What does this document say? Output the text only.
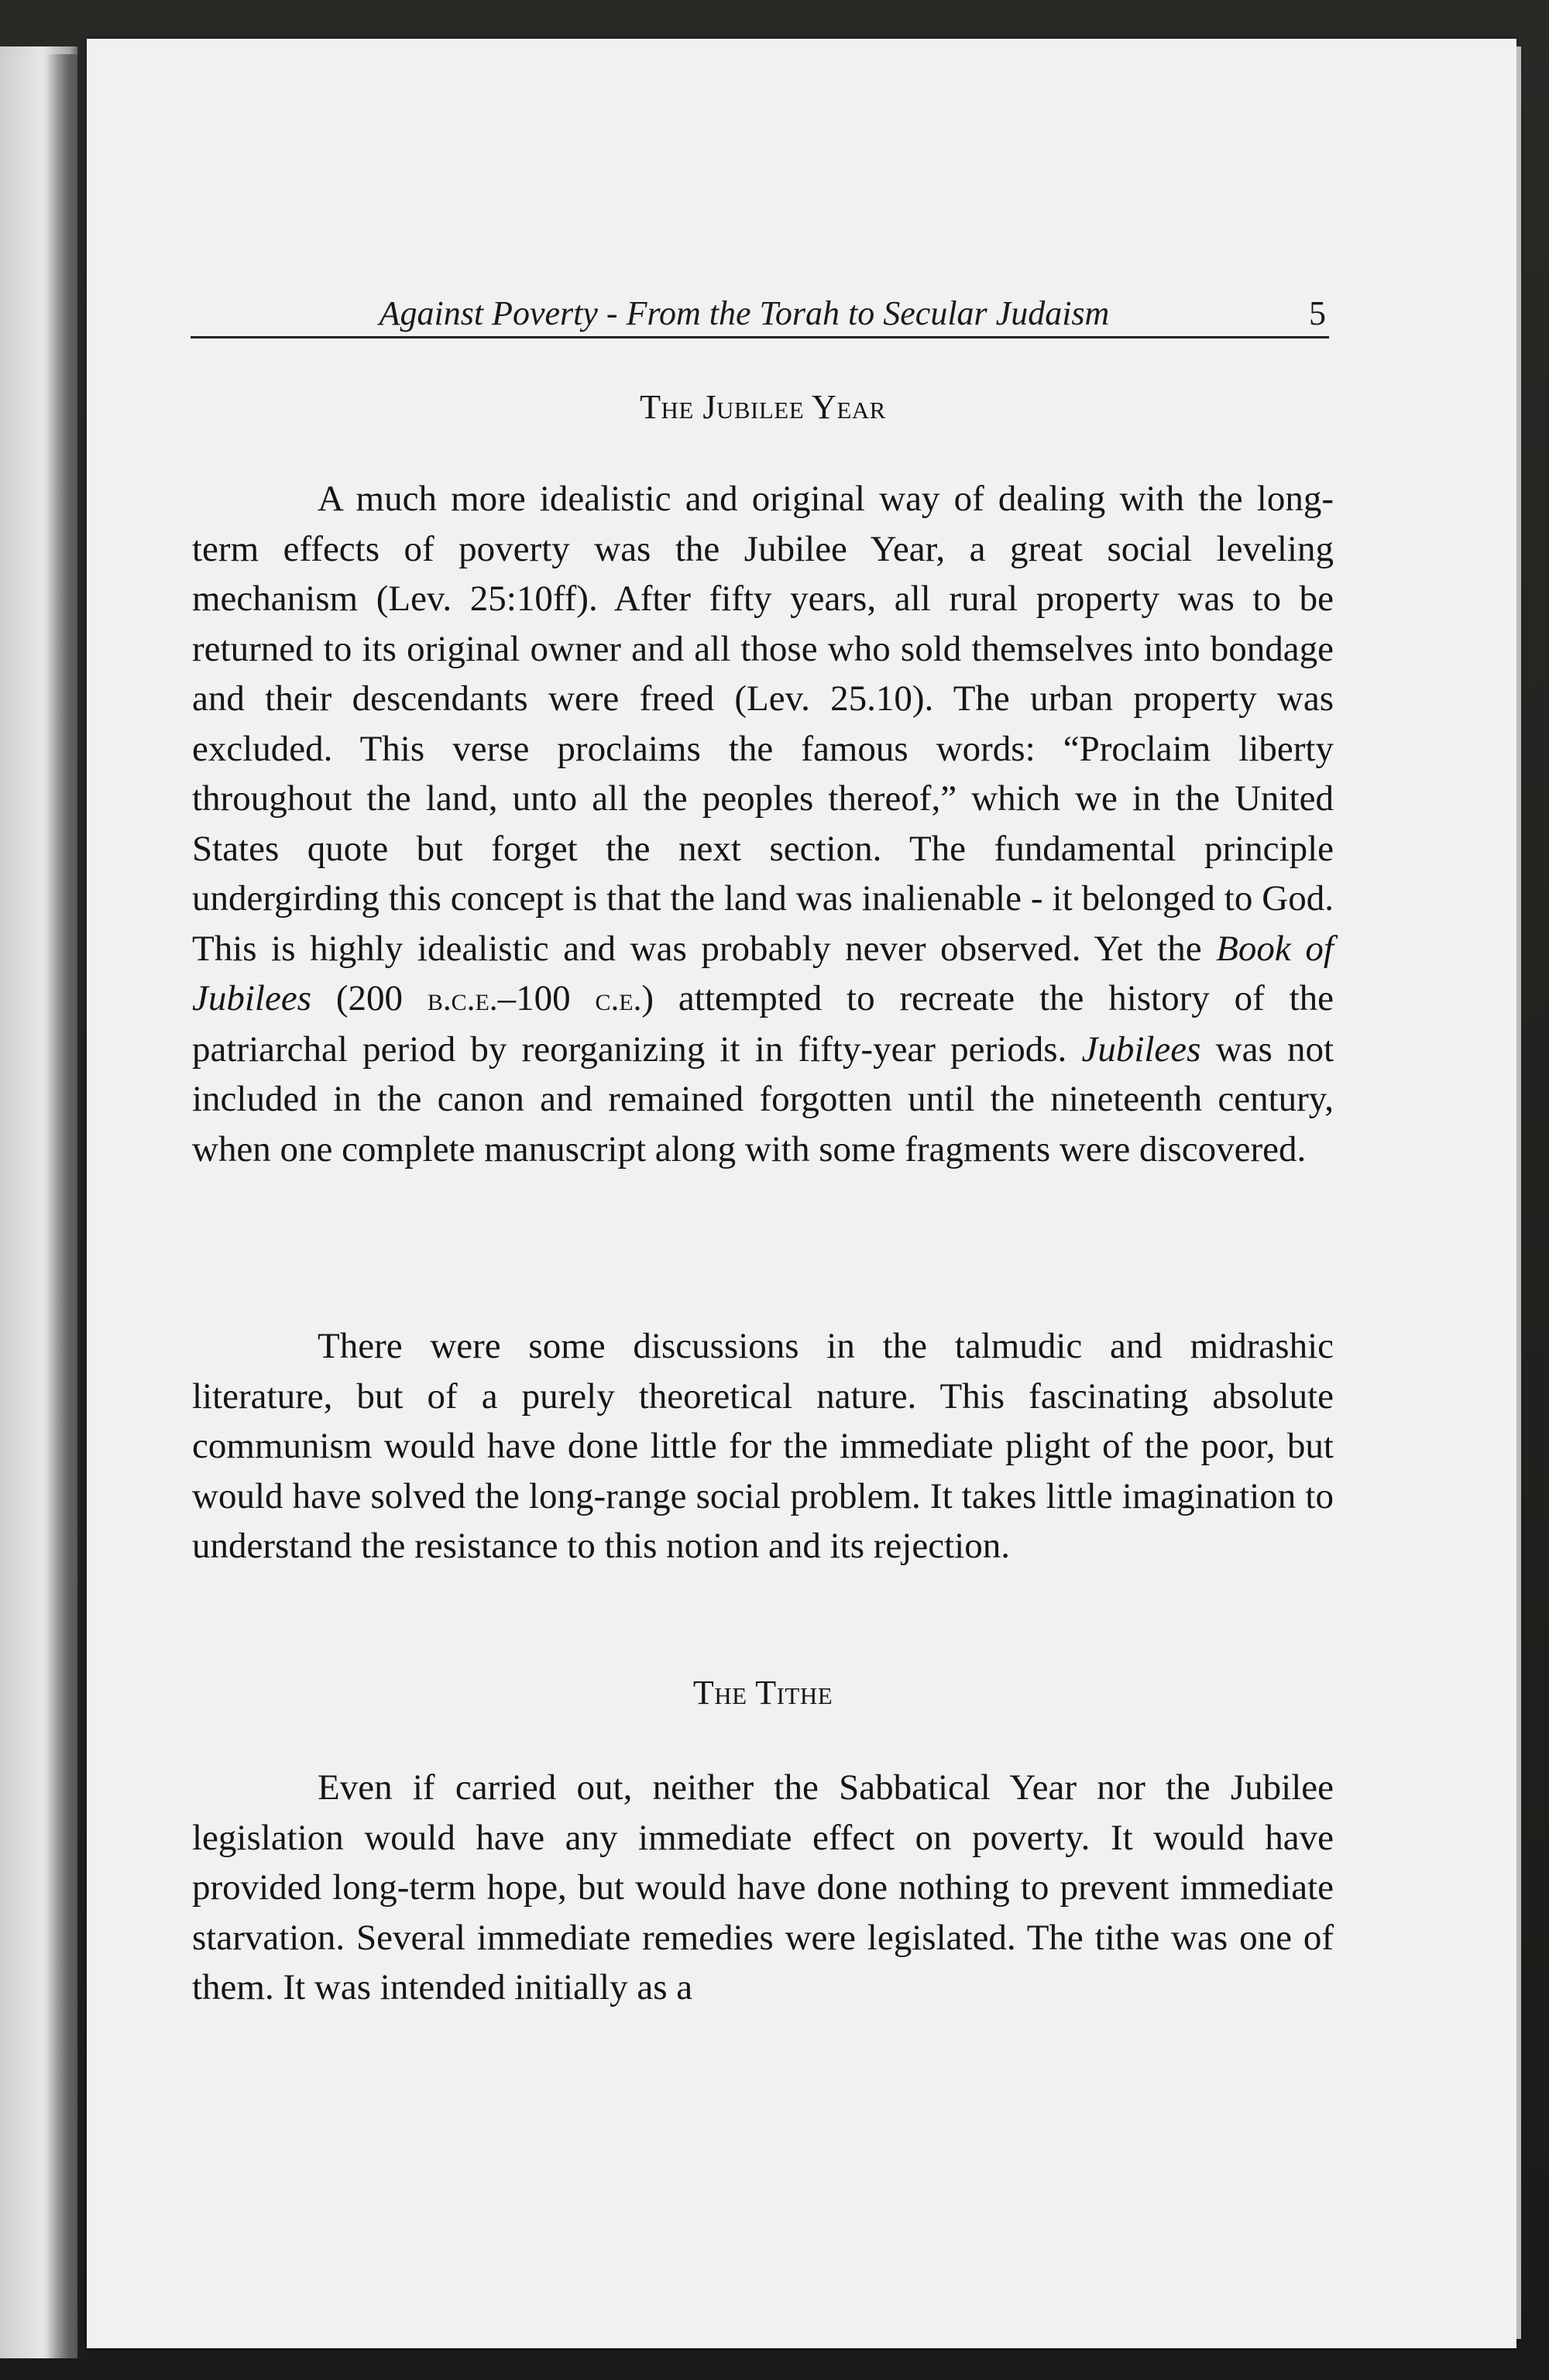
Against Poverty - From the Torah to Secular Judaism	5
The Jubilee Year

A much more idealistic and original way of dealing with the long-term effects of poverty was the Jubilee Year, a great social leveling mechanism (Lev. 25:10ff). After fifty years, all rural property was to be returned to its original owner and all those who sold themselves into bondage and their descendants were freed (Lev. 25.10). The urban property was excluded. This verse proclaims the famous words: “Proclaim liberty throughout the land, unto all the peoples thereof,” which we in the United States quote but forget the next section. The fundamental principle undergirding this concept is that the land was inalienable - it belonged to God. This is highly idealistic and was probably never observed. Yet the Book of Jubilees (200 b.c.e.–100 c.e.) attempted to recreate the history of the patriarchal period by reorganizing it in fifty-year periods. Jubilees was not included in the canon and remained forgotten until the nineteenth century, when one complete manuscript along with some fragments were discovered.

There were some discussions in the talmudic and midrashic literature, but of a purely theoretical nature. This fascinating absolute communism would have done little for the immediate plight of the poor, but would have solved the long-range social problem. It takes little imagination to understand the resistance to this notion and its rejection.

The Tithe

Even if carried out, neither the Sabbatical Year nor the Jubilee legislation would have any immediate effect on poverty. It would have provided long-term hope, but would have done nothing to prevent immediate starvation. Several immediate remedies were legislated. The tithe was one of them. It was intended initially as a
